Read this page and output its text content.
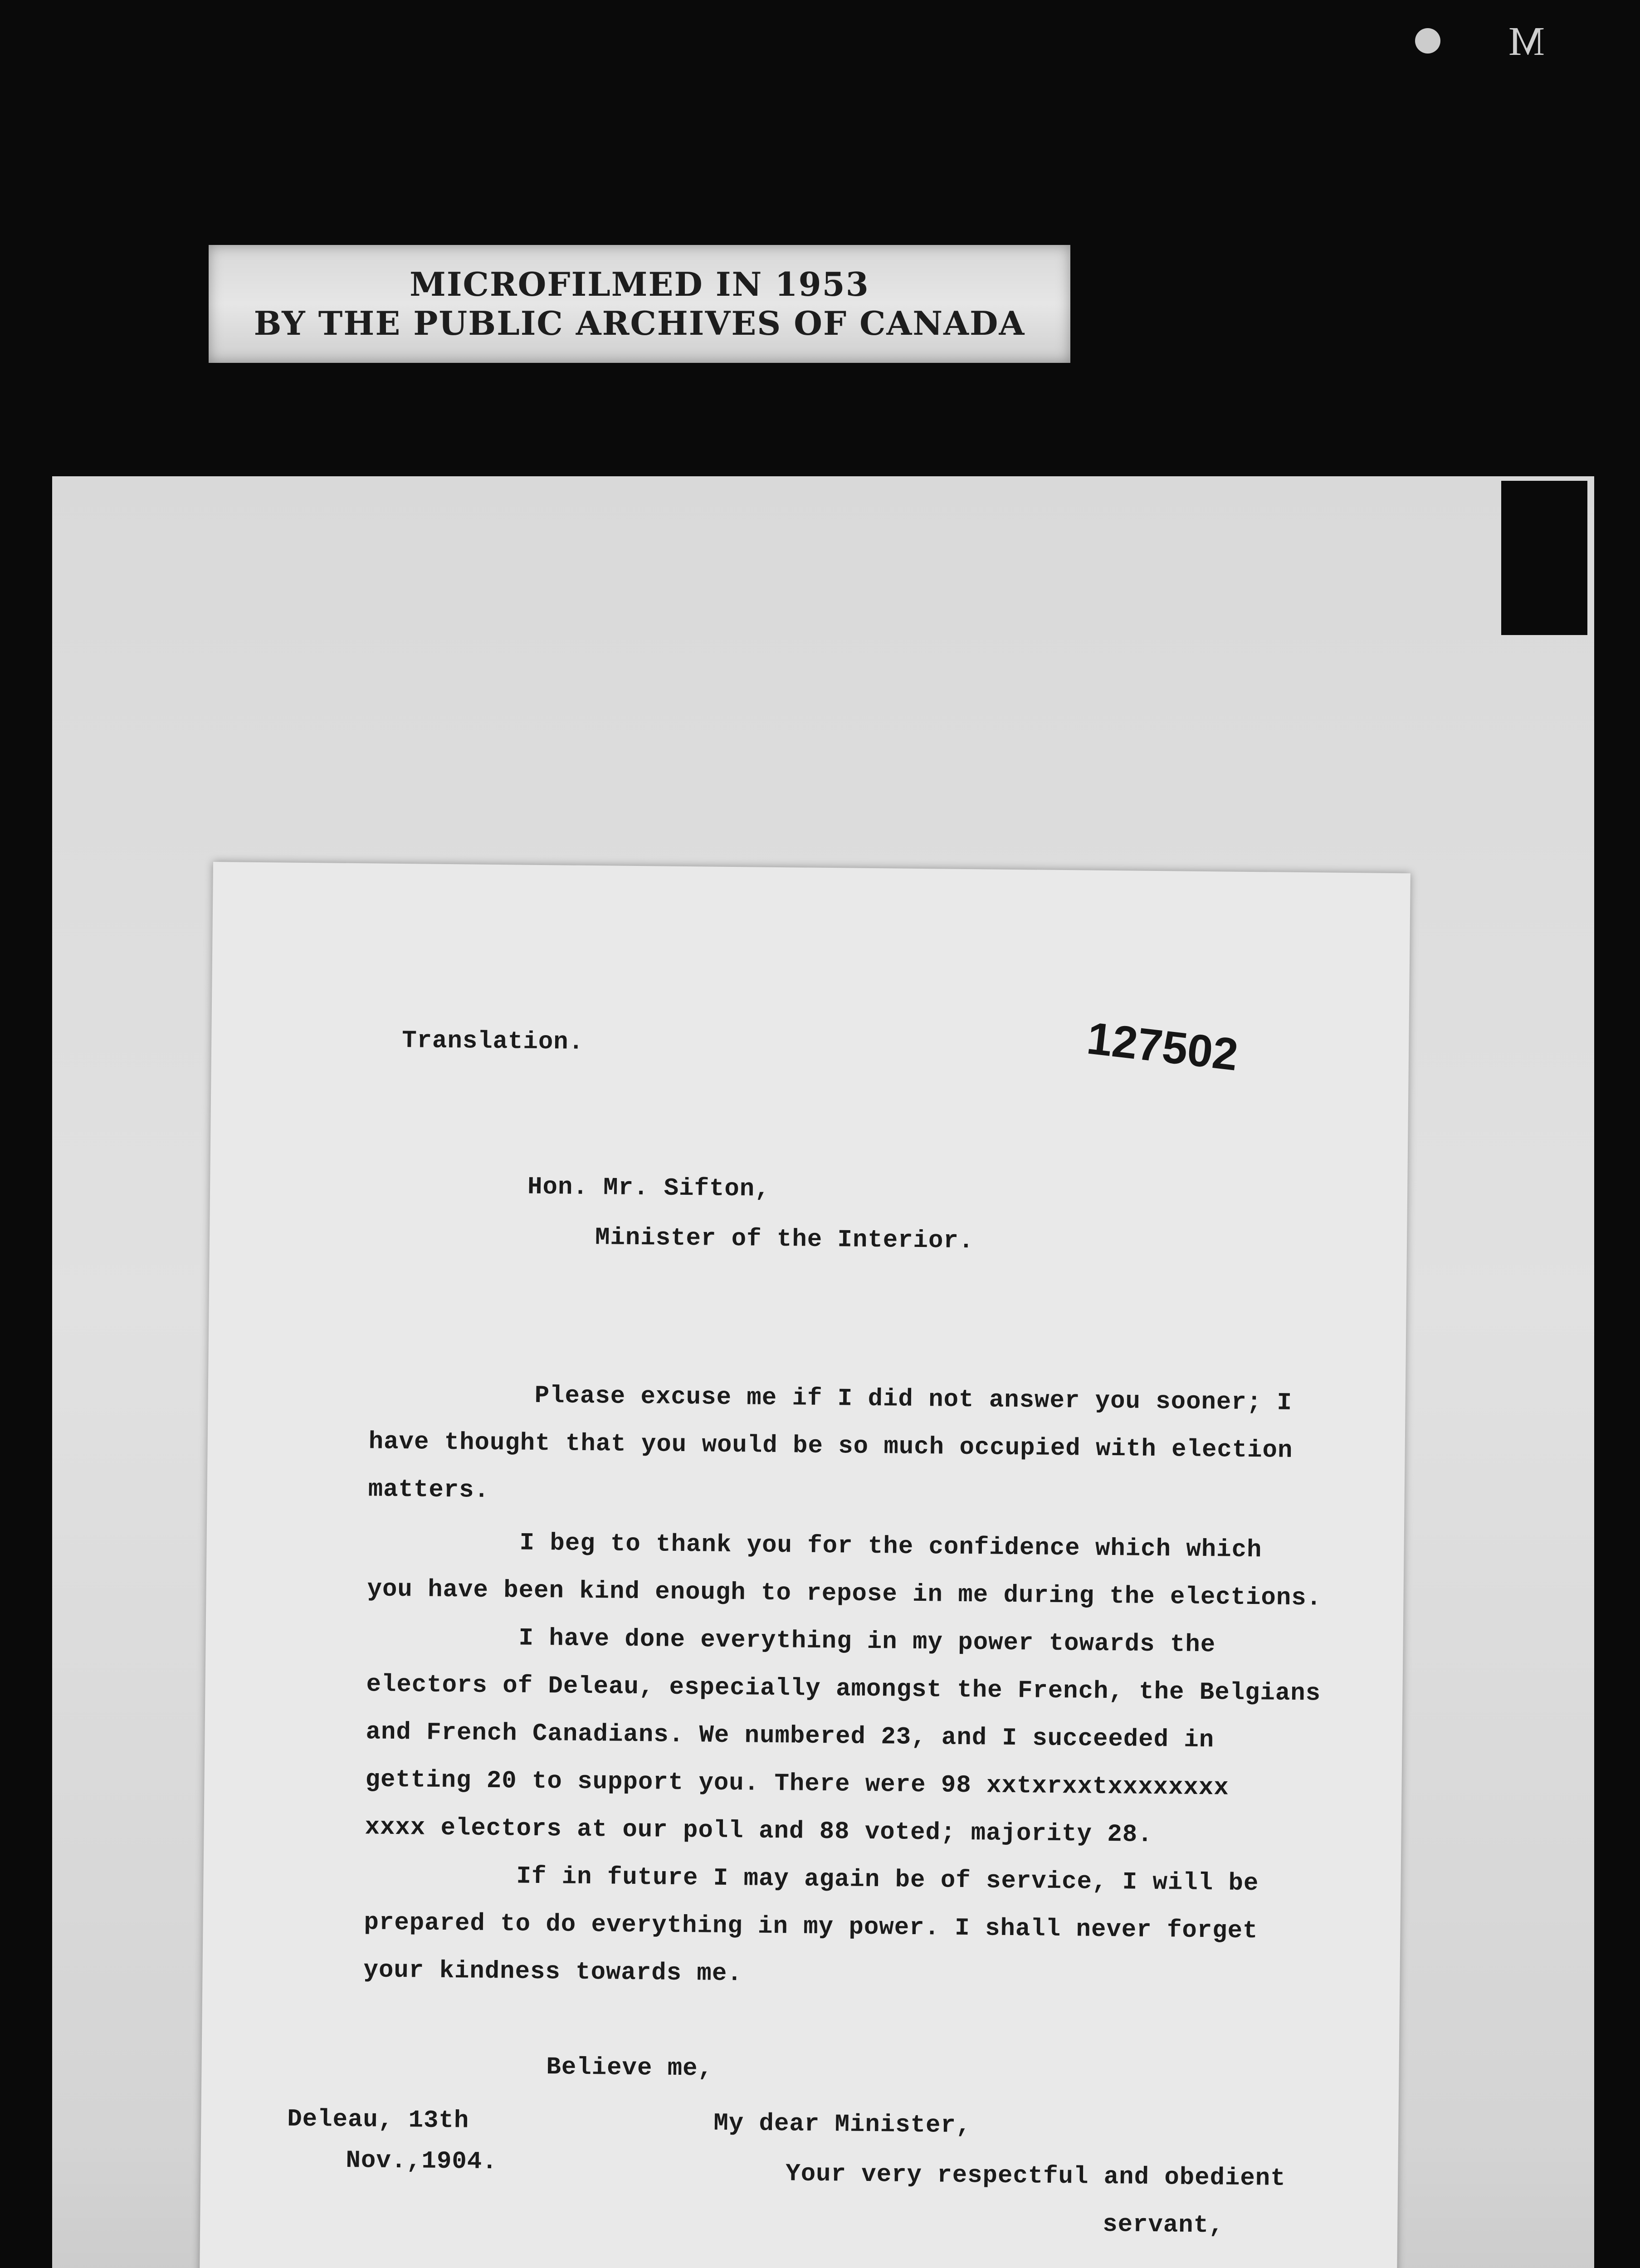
M
MICROFILMED IN 1953
BY THE PUBLIC ARCHIVES OF CANADA
Translation.	127502
Hon. Mr. Sifton,
Minister of the Interior.
Please excuse me if I did not answer you sooner; I
have thought that you would be so much occupied with election
matters.
I beg to thank you for the confidence which which
you have been kind enough to repose in me during the elections.
I have done everything in my power towards the
electors of Deleau, especially amongst the French, the Belgians
and French Canadians. We numbered 23, and I succeeded in
getting 20 to support you. There were 98 xxtxrxxtxxxxxxxx
xxxx electors at our poll and 88 voted; majority 28.
If in future I may again be of service, I will be
prepared to do everything in my power. I shall never forget
your kindness towards me.
Believe me,
Deleau, 13th
Nov.,1904.
My dear Minister,
Your very respectful and obedient
servant,
